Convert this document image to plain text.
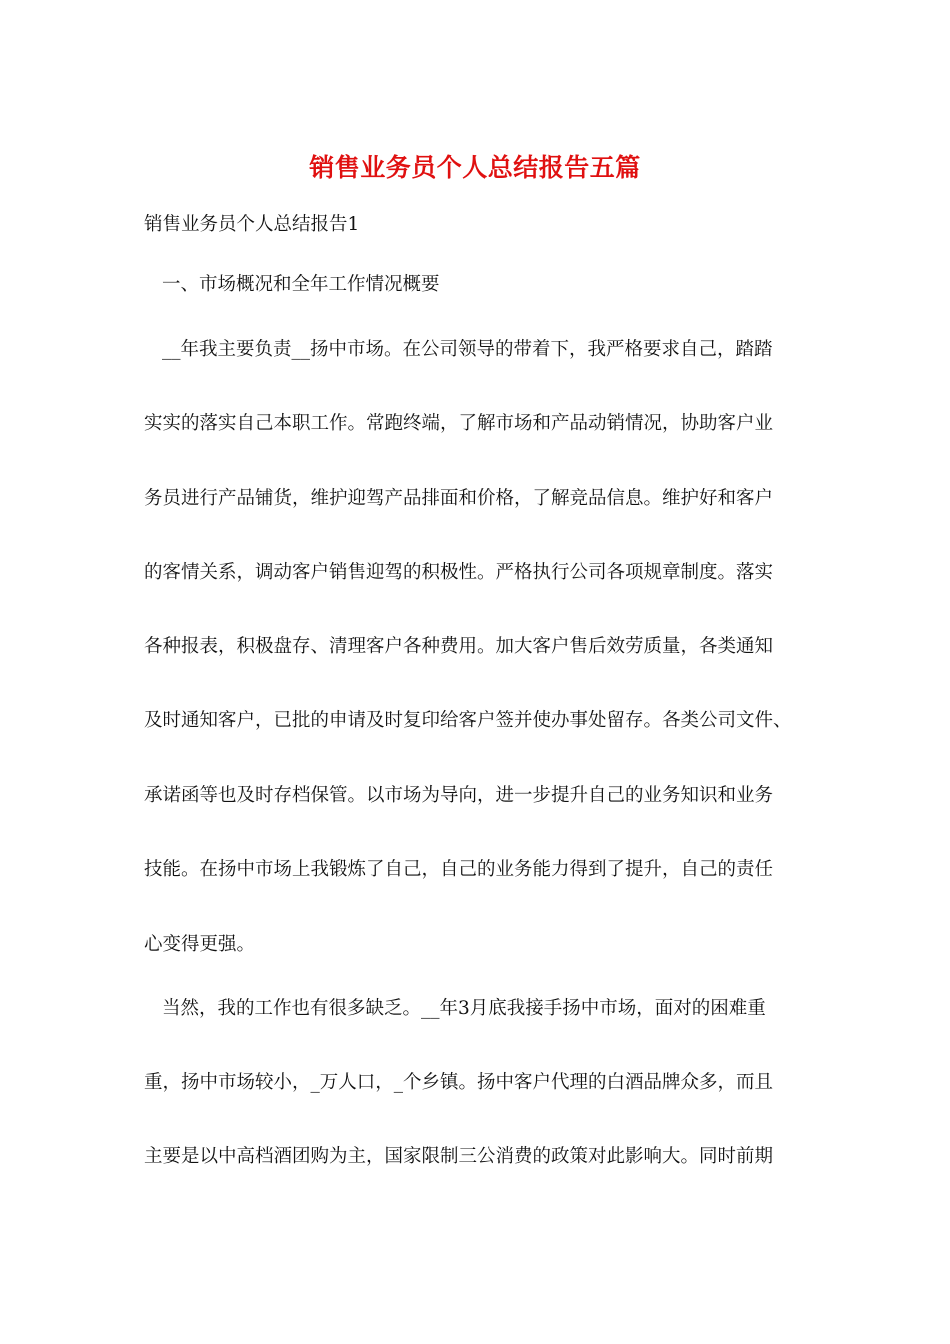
销售业务员个人总结报告五篇
销售业务员个人总结报告1
一、市场概况和全年工作情况概要
__年我主要负责__扬中市场。在公司领导的带着下，我严格要求自己，踏踏
实实的落实自己本职工作。常跑终端，了解市场和产品动销情况，协助客户业
务员进行产品铺货，维护迎驾产品排面和价格，了解竞品信息。维护好和客户
的客情关系，调动客户销售迎驾的积极性。严格执行公司各项规章制度。落实
各种报表，积极盘存、清理客户各种费用。加大客户售后效劳质量，各类通知
及时通知客户，已批的申请及时复印给客户签并使办事处留存。各类公司文件、
承诺函等也及时存档保管。以市场为导向，进一步提升自己的业务知识和业务
技能。在扬中市场上我锻炼了自己，自己的业务能力得到了提升，自己的责任
心变得更强。
当然，我的工作也有很多缺乏。__年3月底我接手扬中市场，面对的困难重
重，扬中市场较小，_万人口，_个乡镇。扬中客户代理的白酒品牌众多，而且
主要是以中高档酒团购为主，国家限制三公消费的政策对此影响大。同时前期
